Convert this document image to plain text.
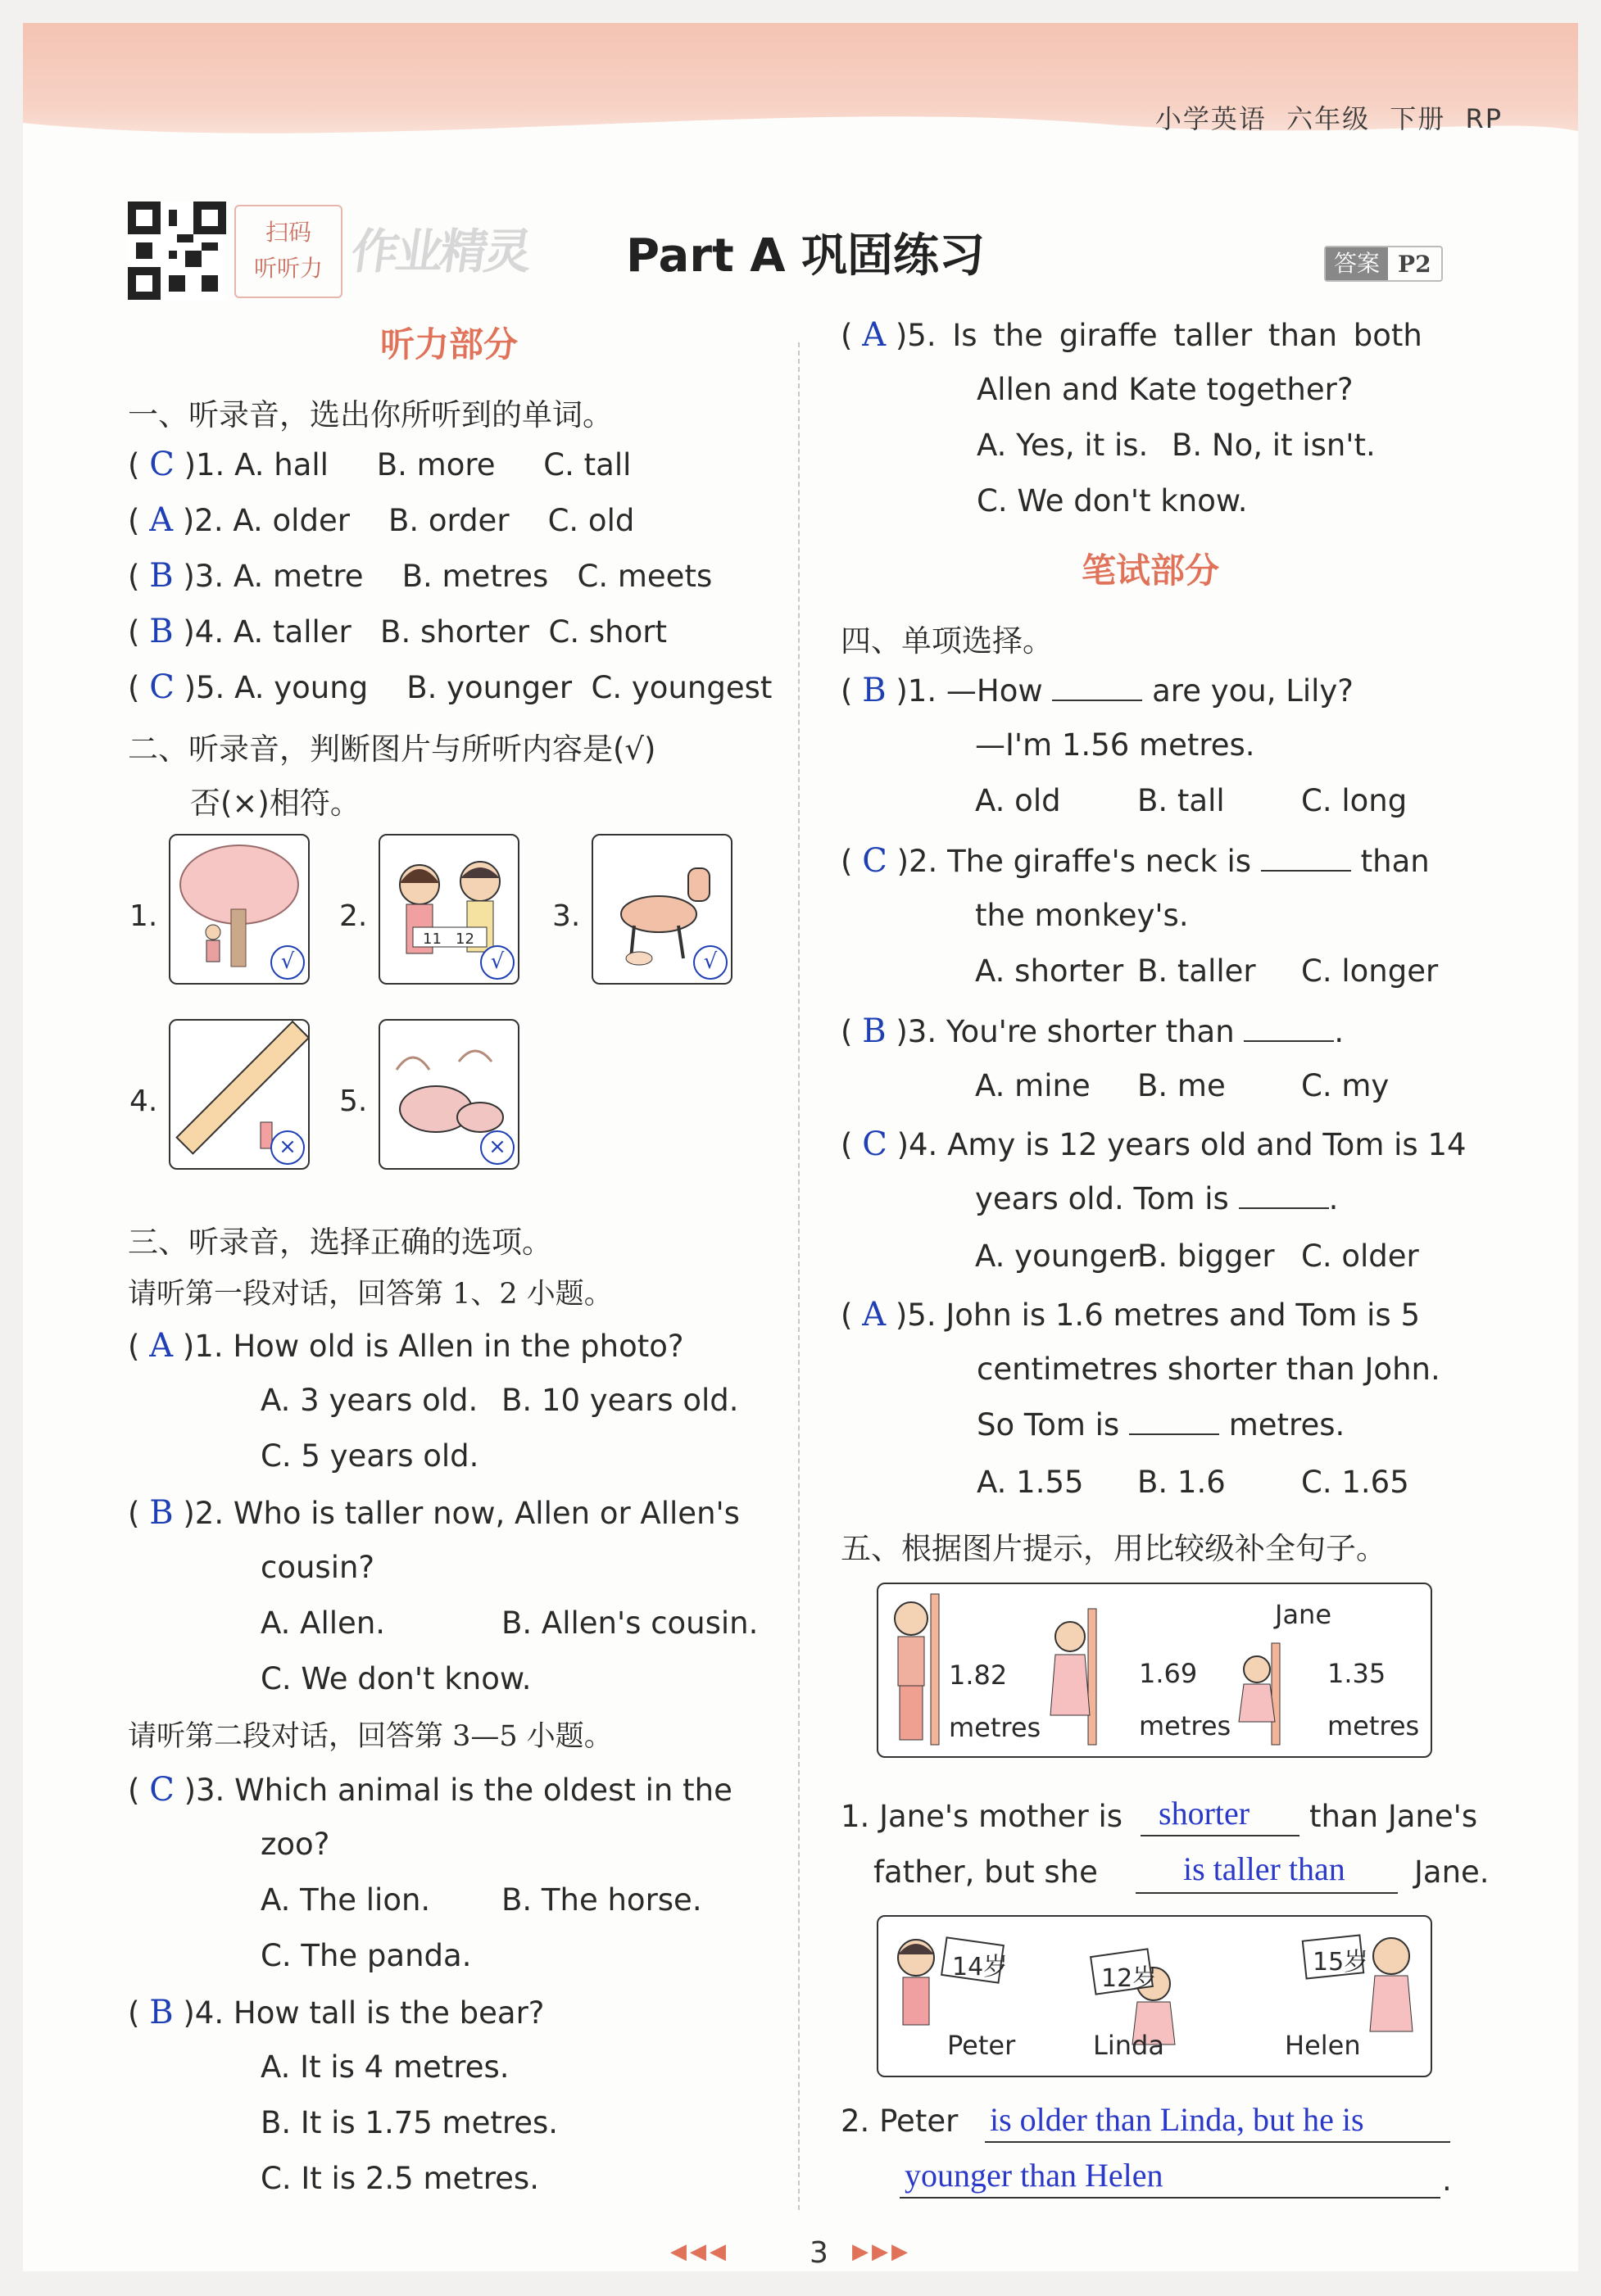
小学英语 六年级 下册 RP
扫码
听听力 作业精灵 Part A 巩固练习	答案 P2
听力部分
一、听录音，选出你所听到的单词。
( C )1. A. hall     B. more     C. tall
( A )2. A. older    B. order    C. old
( B )3. A. metre    B. metres   C. meets
( B )4. A. taller   B. shorter  C. short
( C )5. A. young    B. younger  C. youngest
二、听录音，判断图片与所听内容是(√)
否(×)相符。
1.
√
2.
11 12
√
3.
√
4.
×
5.
×
三、听录音，选择正确的选项。
请听第一段对话，回答第 1、2 小题。
( A )1. How old is Allen in the photo?
A. 3 years old. B. 10 years old.
C. 5 years old.
( B )2. Who is taller now, Allen or Allen's
cousin?
A. Allen.	B. Allen's cousin.
C. We don't know.
请听第二段对话，回答第 3—5 小题。
( C )3. Which animal is the oldest in the
zoo?
A. The lion. B. The horse.
C. The panda.
( B )4. How tall is the bear?
A. It is 4 metres.
B. It is 1.75 metres.
C. It is 2.5 metres.
( A )5. Is the giraffe taller than both
Allen and Kate together?
A. Yes, it is. B. No, it isn't.
C. We don't know.
笔试部分
四、单项选择。
( B )1. —How	are you, Lily?
—I'm 1.56 metres.
A. old	B. tall	C. long
( C )2. The giraffe's neck is	than
the monkey's.
A. shorter B. taller C. longer
( B )3. You're shorter than	.
A. mine B. me C. my
( C )4. Amy is 12 years old and Tom is 14
years old. Tom is	.
A. younger
B. bigger C. older
( A )5. John is 1.6 metres and Tom is 5
centimetres shorter than John.
So Tom is	metres.
A. 1.55 B. 1.6 C. 1.65
五、根据图片提示，用比较级补全句子。
Jane
1.82
metres
1.69
metres
1.35
metres
1. Jane's mother is shorter than Jane's
father, but she	is taller than Jane.
14岁	12岁
15岁
Peter	Linda	Helen
2. Peter is older than Linda, but he is
younger than Helen	.
◀◀◀	3 ▶▶▶
